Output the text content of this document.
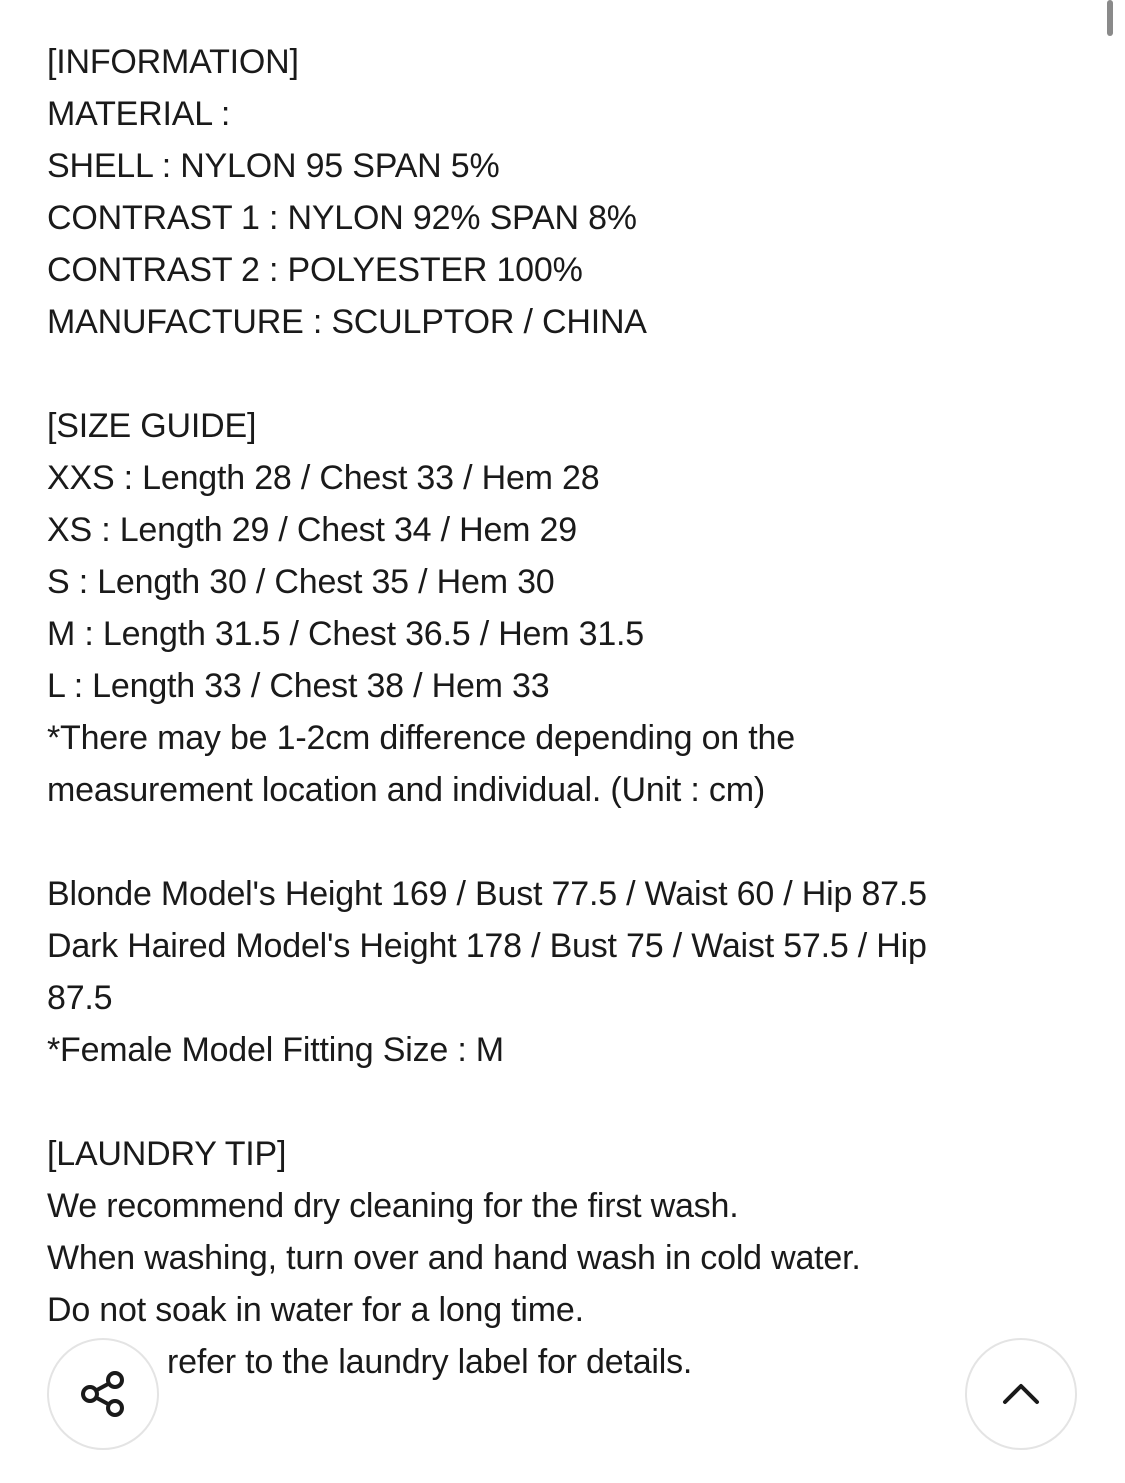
[INFORMATION]
MATERIAL :
SHELL : NYLON 95 SPAN 5%
CONTRAST 1 : NYLON 92% SPAN 8%
CONTRAST 2 : POLYESTER 100%
MANUFACTURE : SCULPTOR / CHINA
[SIZE GUIDE]
XXS : Length 28 / Chest 33 / Hem 28
XS : Length 29 / Chest 34 / Hem 29
S : Length 30 / Chest 35 / Hem 30
M : Length 31.5 / Chest 36.5 / Hem 31.5
L : Length 33 / Chest 38 / Hem 33
*There may be 1-2cm difference depending on the
measurement location and individual. (Unit : cm)
Blonde Model's Height 169 / Bust 77.5 / Waist 60 / Hip 87.5
Dark Haired Model's Height 178 / Bust 75 / Waist 57.5 / Hip
87.5
*Female Model Fitting Size : M
[LAUNDRY TIP]
We recommend dry cleaning for the first wash.
When washing, turn over and hand wash in cold water.
Do not soak in water for a long time.
refer to the laundry label for details.
